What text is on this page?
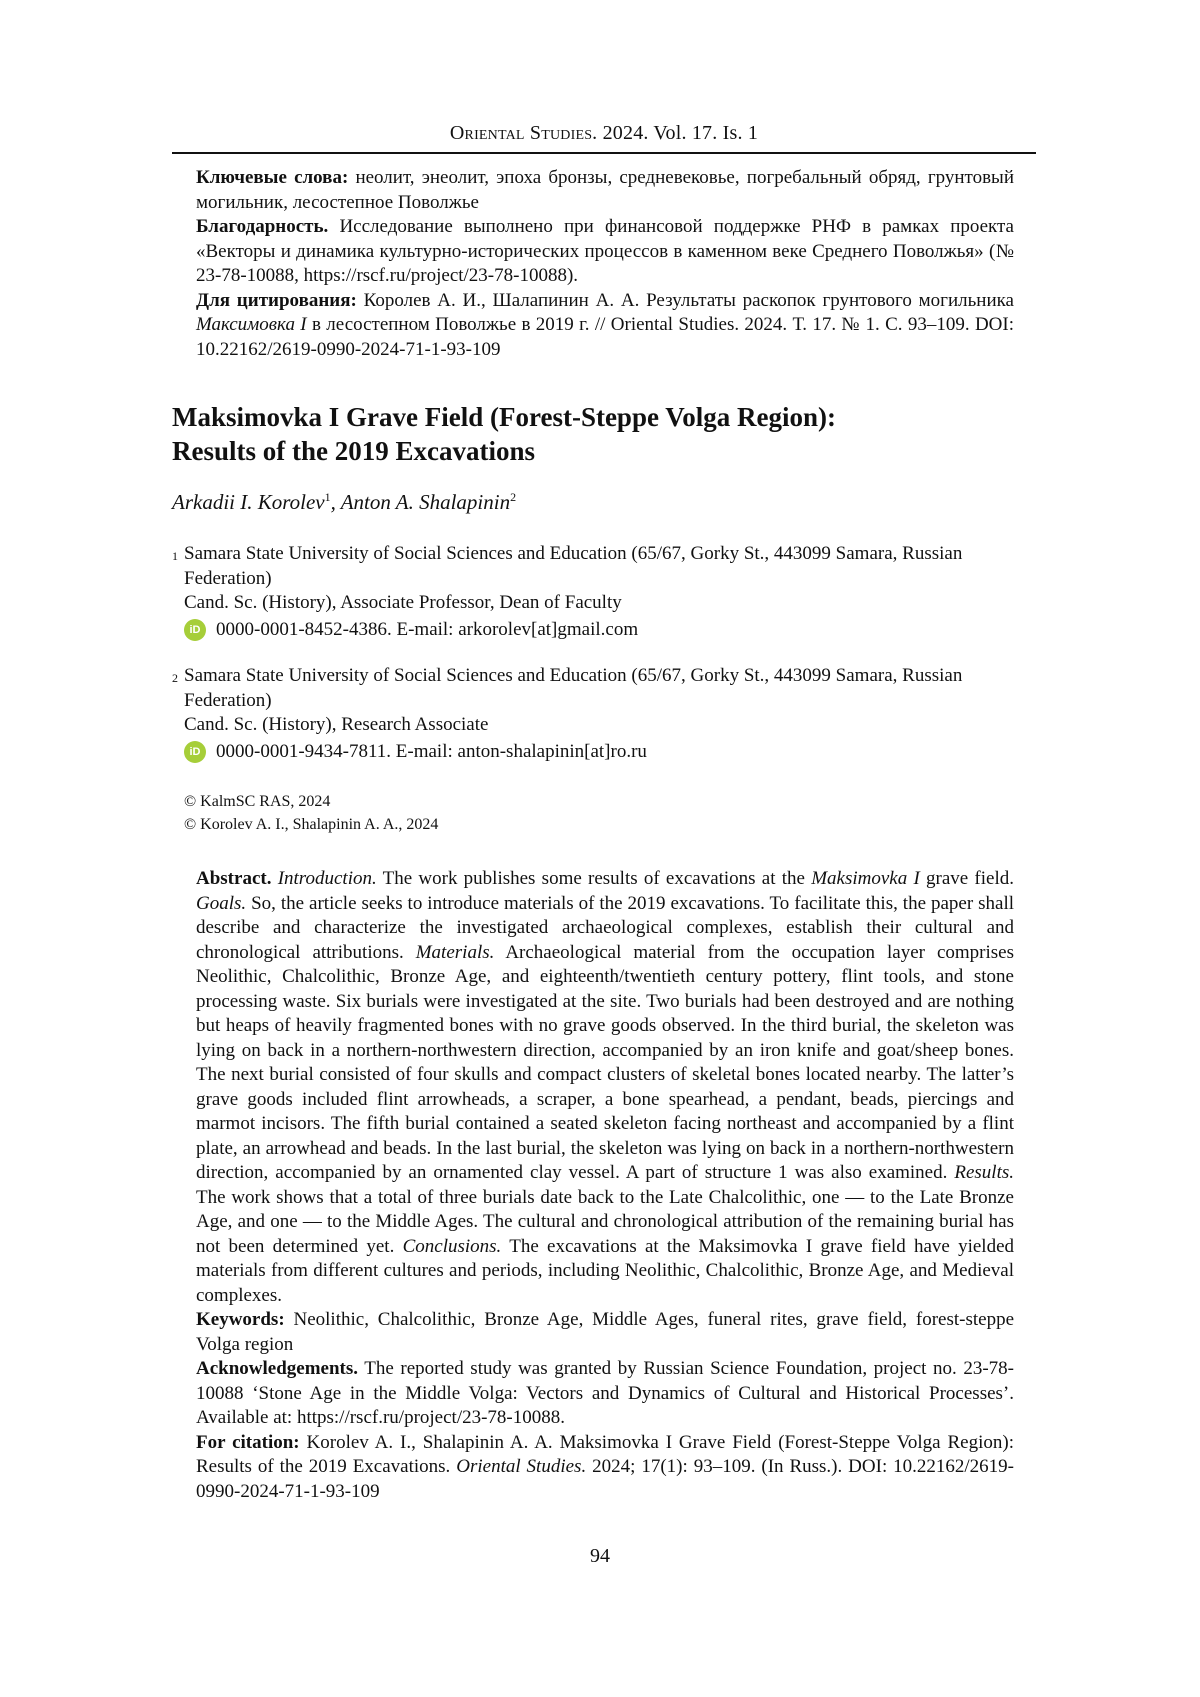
Oriental Studies. 2024. Vol. 17. Is. 1

Ключевые слова: неолит, энеолит, эпоха бронзы, средневековье, погребальный обряд, грунтовый могильник, лесостепное Поволжье

Благодарность. Исследование выполнено при финансовой поддержке РНФ в рамках проекта «Векторы и динамика культурно-исторических процессов в каменном веке Среднего Поволжья» (№ 23-78-10088, https://rscf.ru/project/23-78-10088).

Для цитирования: Королев А. И., Шалапинин А. А. Результаты раскопок грунтового могильника Максимовка I в лесостепном Поволжье в 2019 г. // Oriental Studies. 2024. Т. 17. № 1. С. 93–109. DOI: 10.22162/2619-0990-2024-71-1-93-109

Maksimovka I Grave Field (Forest-Steppe Volga Region):
Results of the 2019 Excavations
Arkadii I. Korolev$^1$, Anton A. Shalapinin$^2$
1 Samara State University of Social Sciences and Education (65/67, Gorky St., 443099 Samara, Russian Federation)
Cand. Sc. (History), Associate Professor, Dean of Faculty
iD 0000-0001-8452-4386. E-mail: arkorolev[at]gmail.com
2 Samara State University of Social Sciences and Education (65/67, Gorky St., 443099 Samara, Russian Federation)
Cand. Sc. (History), Research Associate
iD 0000-0001-9434-7811. E-mail: anton-shalapinin[at]ro.ru
© KalmSC RAS, 2024
© Korolev A. I., Shalapinin A. A., 2024

Abstract. Introduction. The work publishes some results of excavations at the Maksimovka I grave field. Goals. So, the article seeks to introduce materials of the 2019 excavations. To facilitate this, the paper shall describe and characterize the investigated archaeological complexes, establish their cultural and chronological attributions. Materials. Archaeological material from the occupation layer comprises Neolithic, Chalcolithic, Bronze Age, and eighteenth/twentieth century pottery, flint tools, and stone processing waste. Six burials were investigated at the site. Two burials had been destroyed and are nothing but heaps of heavily fragmented bones with no grave goods observed. In the third burial, the skeleton was lying on back in a northern-northwestern direction, accompanied by an iron knife and goat/sheep bones. The next burial consisted of four skulls and compact clusters of skeletal bones located nearby. The latter’s grave goods included flint arrowheads, a scraper, a bone spearhead, a pendant, beads, piercings and marmot incisors. The fifth burial contained a seated skeleton facing northeast and accompanied by a flint plate, an arrowhead and beads. In the last burial, the skeleton was lying on back in a northern-northwestern direction, accompanied by an ornamented clay vessel. A part of structure 1 was also examined. Results. The work shows that a total of three burials date back to the Late Chalcolithic, one — to the Late Bronze Age, and one — to the Middle Ages. The cultural and chronological attribution of the remaining burial has not been determined yet. Conclusions. The excavations at the Maksimovka I grave field have yielded materials from different cultures and periods, including Neolithic, Chalcolithic, Bronze Age, and Medieval complexes.

Keywords: Neolithic, Chalcolithic, Bronze Age, Middle Ages, funeral rites, grave field, forest-steppe Volga region

Acknowledgements. The reported study was granted by Russian Science Foundation, project no. 23-78-10088 ‘Stone Age in the Middle Volga: Vectors and Dynamics of Cultural and Historical Processes’. Available at: https://rscf.ru/project/23-78-10088.

For citation: Korolev A. I., Shalapinin A. A. Maksimovka I Grave Field (Forest-Steppe Volga Region): Results of the 2019 Excavations. Oriental Studies. 2024; 17(1): 93–109. (In Russ.). DOI: 10.22162/2619-0990-2024-71-1-93-109

94
